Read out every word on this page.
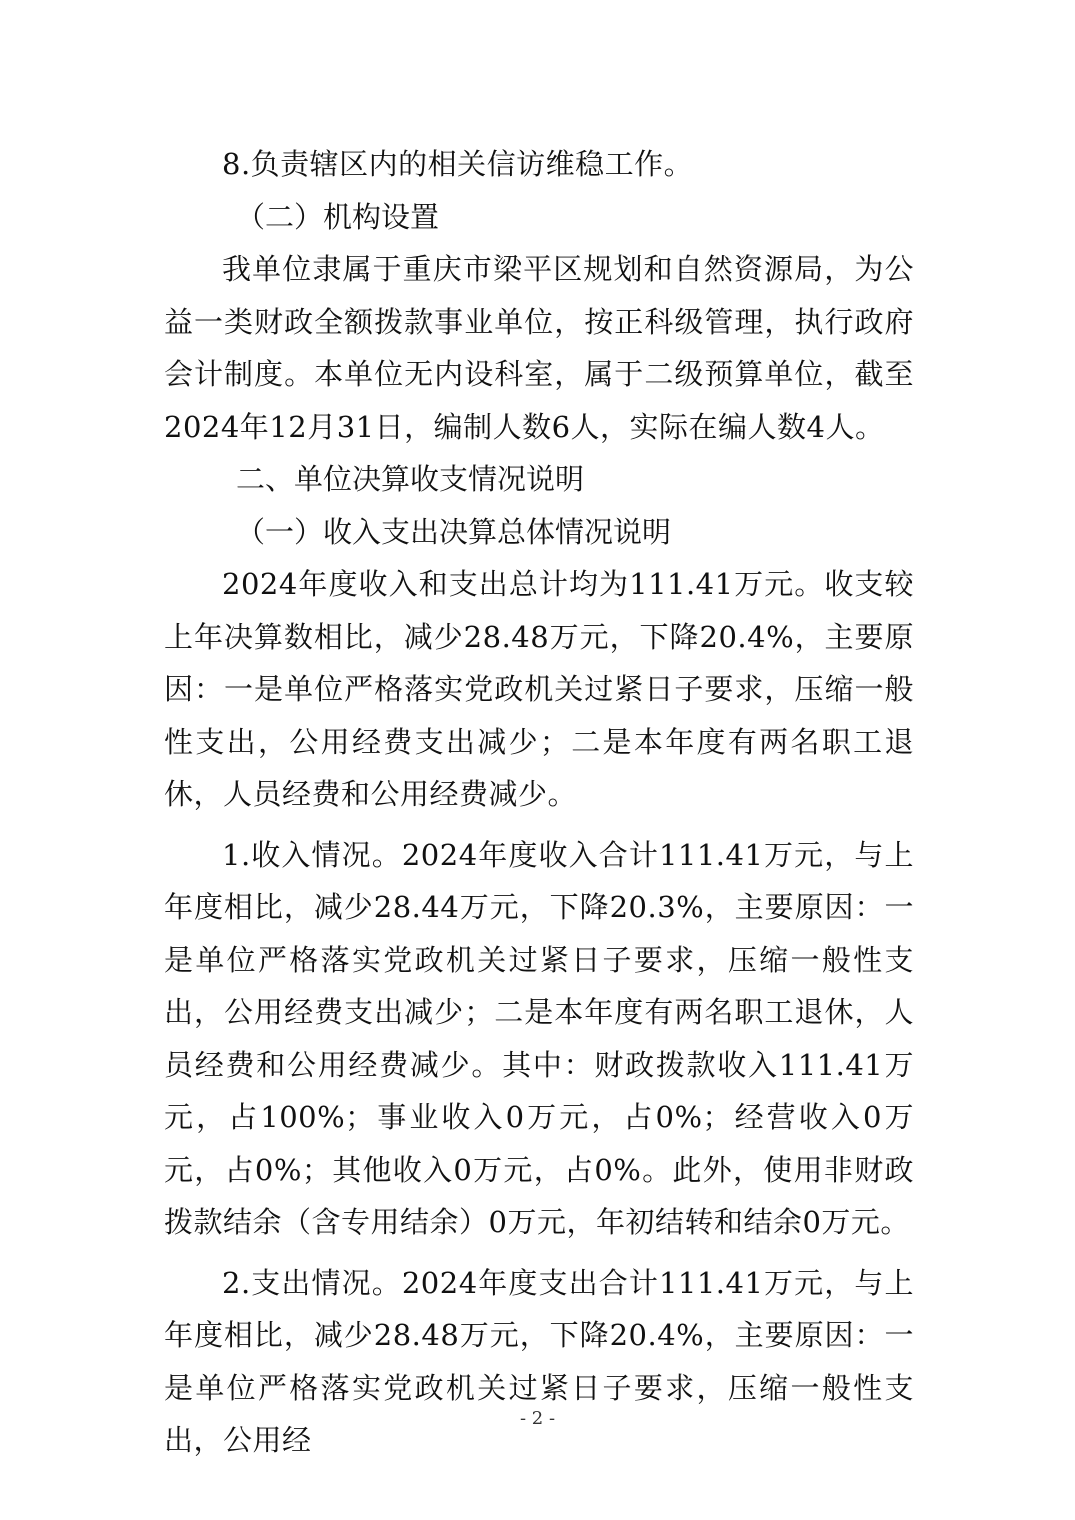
8.负责辖区内的相关信访维稳工作。

（二）机构设置

我单位隶属于重庆市梁平区规划和自然资源局，为公益一类财政全额拨款事业单位，按正科级管理，执行政府会计制度。本单位无内设科室，属于二级预算单位，截至2024年12月31日，编制人数6人，实际在编人数4人。

二、单位决算收支情况说明

（一）收入支出决算总体情况说明

2024年度收入和支出总计均为111.41万元。收支较上年决算数相比，减少28.48万元，下降20.4%，主要原因：一是单位严格落实党政机关过紧日子要求，压缩一般性支出，公用经费支出减少；二是本年度有两名职工退休，人员经费和公用经费减少。

1.收入情况。2024年度收入合计111.41万元，与上年度相比，减少28.44万元，下降20.3%，主要原因：一是单位严格落实党政机关过紧日子要求，压缩一般性支出，公用经费支出减少；二是本年度有两名职工退休，人员经费和公用经费减少。其中：财政拨款收入111.41万元，占100%；事业收入0万元，占0%；经营收入0万元，占0%；其他收入0万元，占0%。此外，使用非财政拨款结余（含专用结余）0万元，年初结转和结余0万元。

2.支出情况。2024年度支出合计111.41万元，与上年度相比，减少28.48万元，下降20.4%，主要原因：一是单位严格落实党政机关过紧日子要求，压缩一般性支出，公用经

- 2 -
